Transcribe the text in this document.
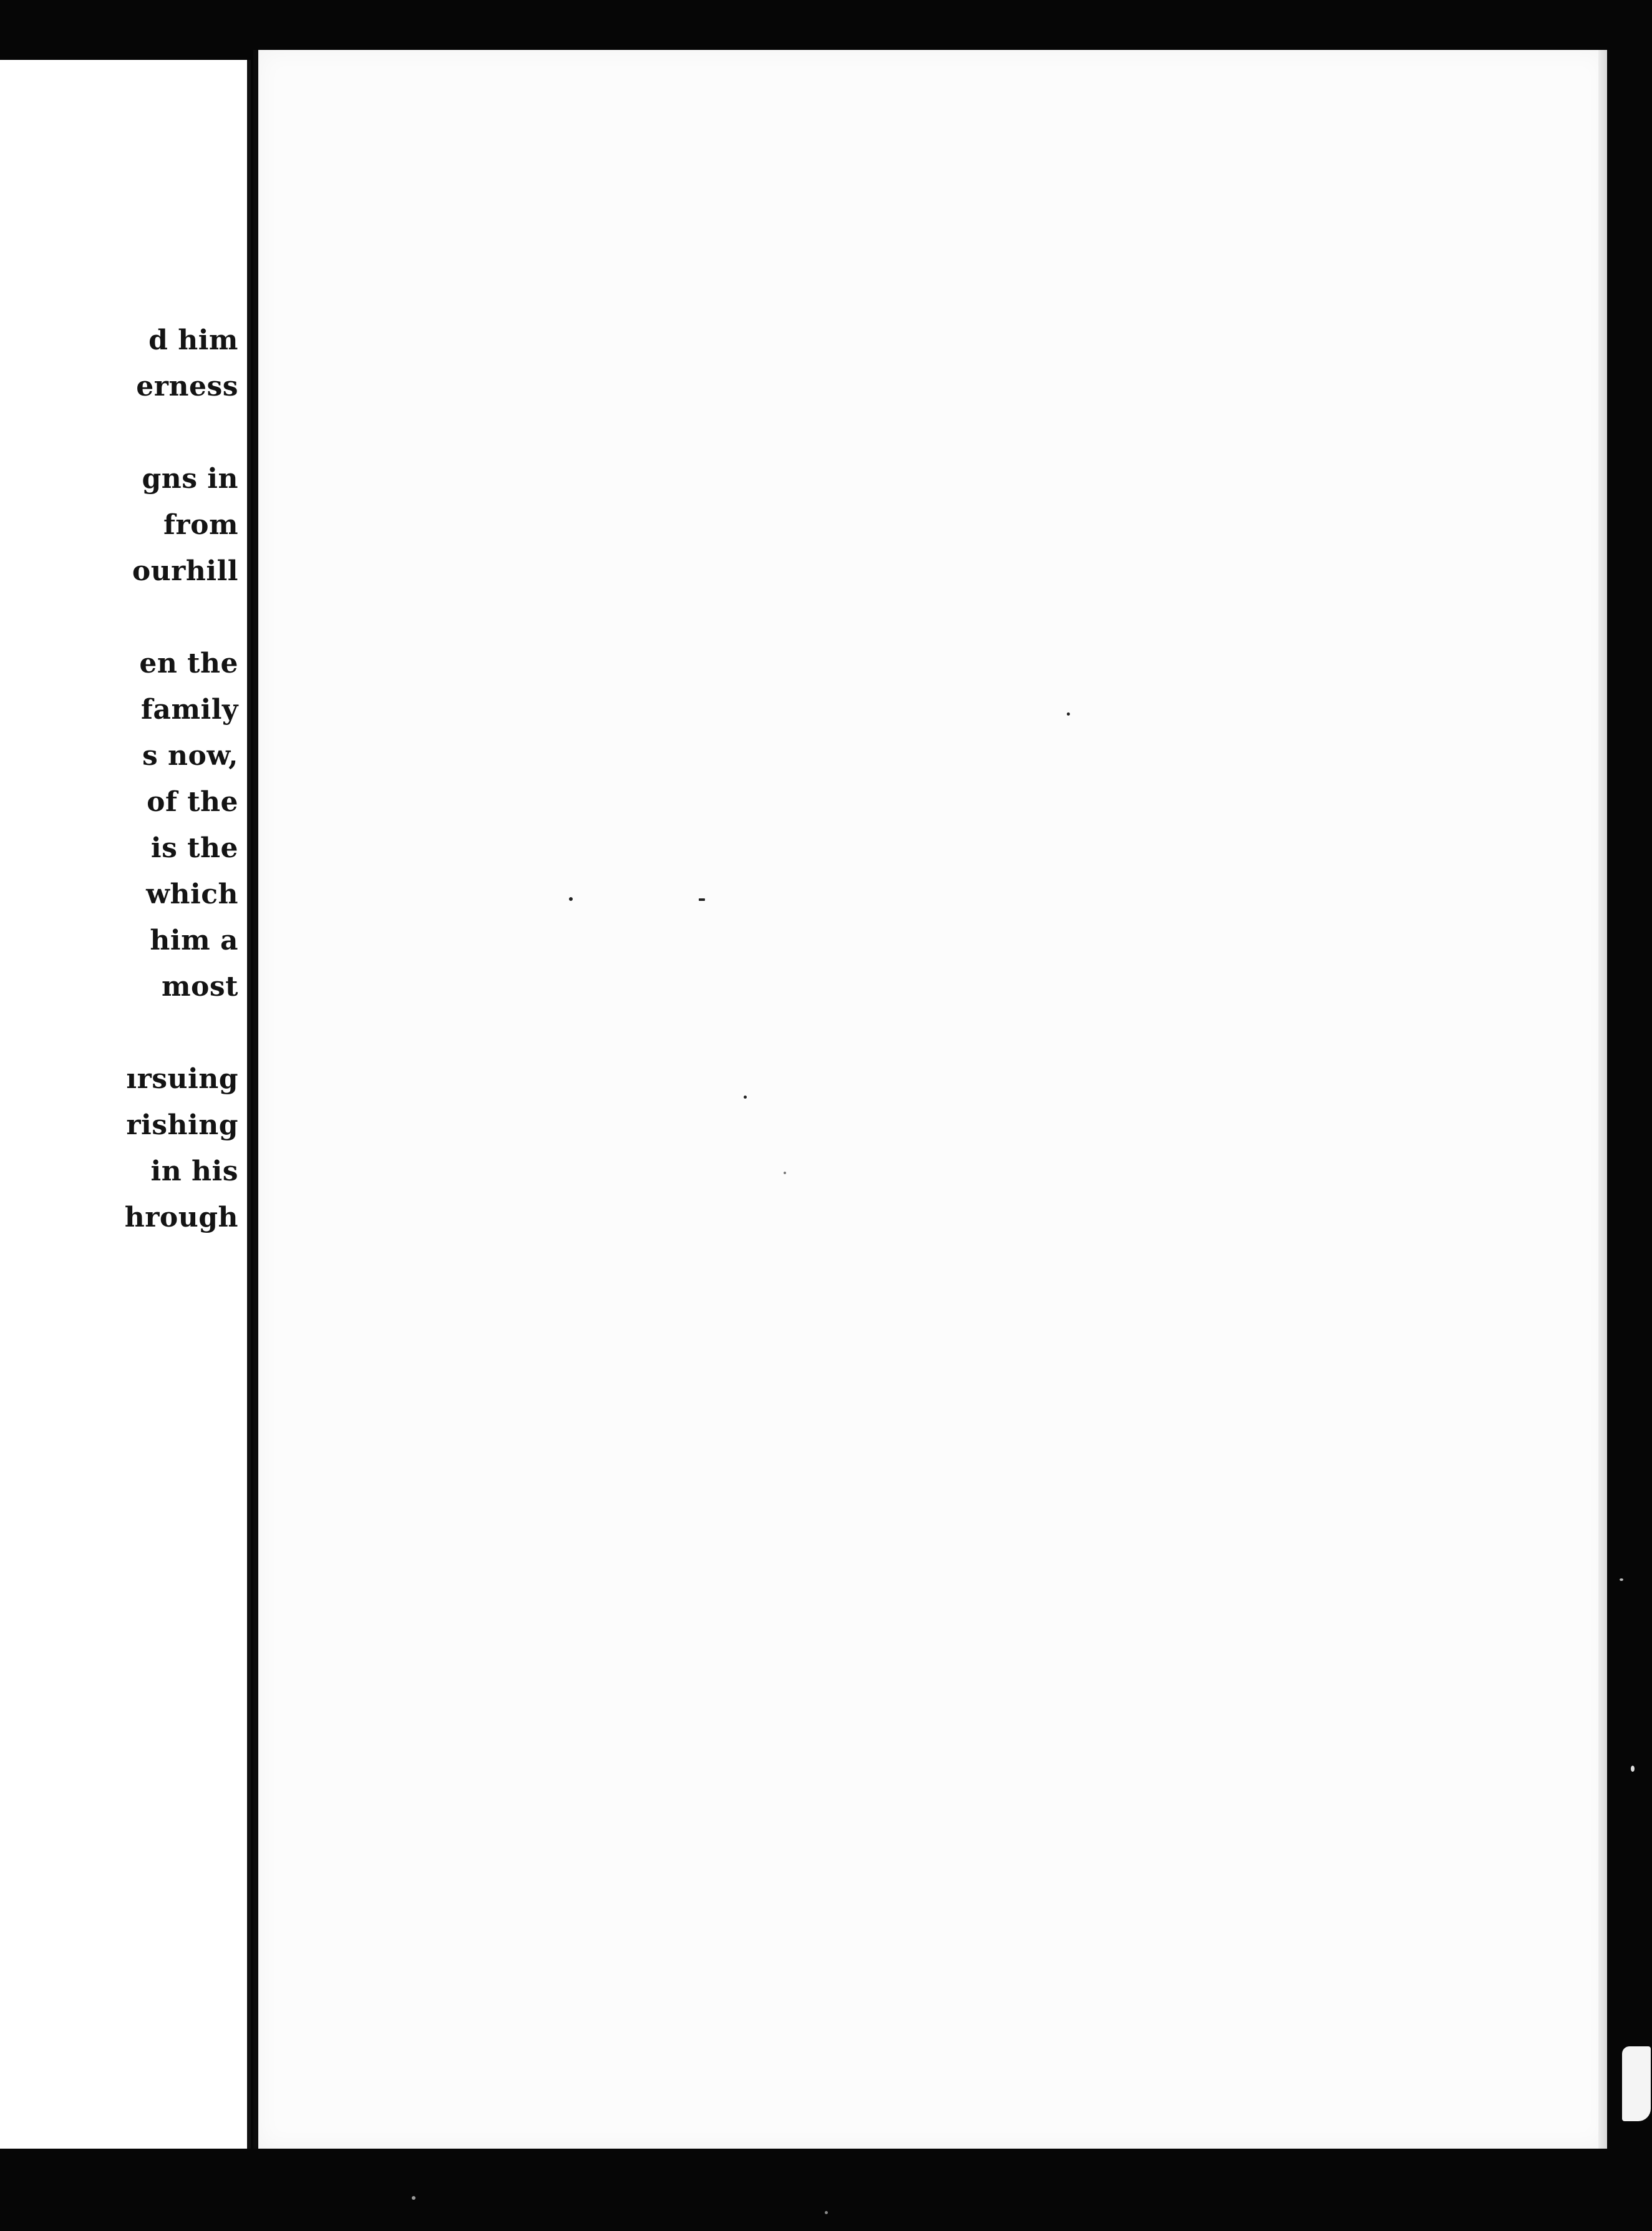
d him
erness
gns in
from
ourhill
en the
family
s now,
of the
is the
which
him a
most
ırsuing
rishing
in his
hrough
